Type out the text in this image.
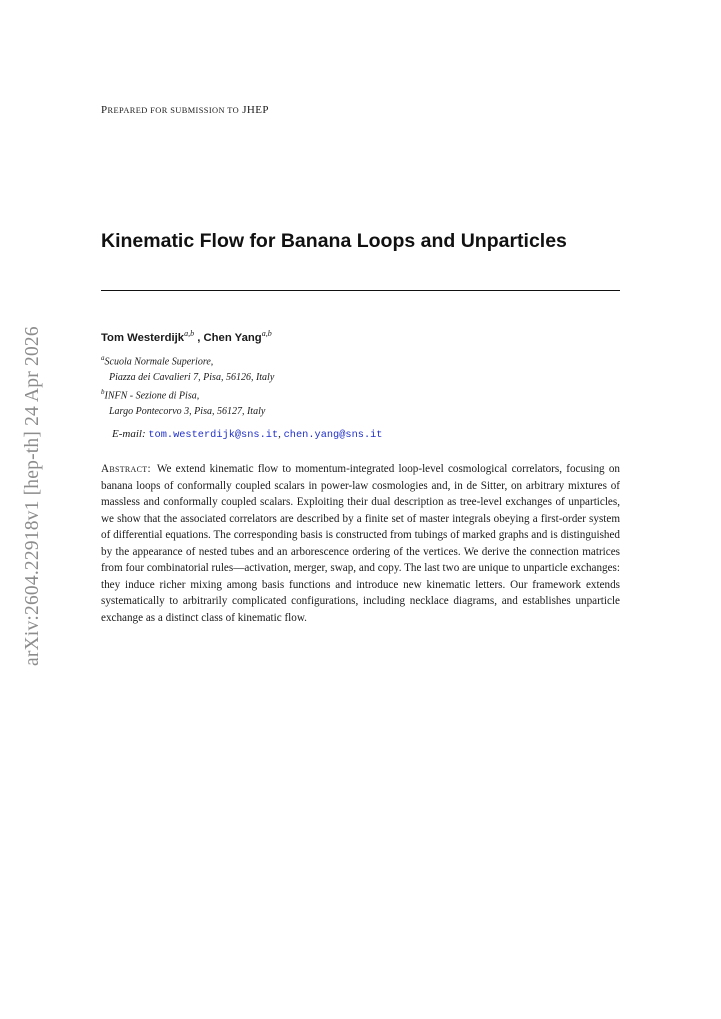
arXiv:2604.22918v1 [hep-th] 24 Apr 2026
PREPARED FOR SUBMISSION TO JHEP
Kinematic Flow for Banana Loops and Unparticles
Tom Westerdijk$^{a,b}$ , Chen Yang$^{a,b}$
$^a$Scuola Normale Superiore,
Piazza dei Cavalieri 7, Pisa, 56126, Italy
$^b$INFN - Sezione di Pisa,
Largo Pontecorvo 3, Pisa, 56127, Italy
E-mail: tom.westerdijk@sns.it, chen.yang@sns.it
Abstract: We extend kinematic flow to momentum-integrated loop-level cosmological correlators, focusing on banana loops of conformally coupled scalars in power-law cosmologies and, in de Sitter, on arbitrary mixtures of massless and conformally coupled scalars. Exploiting their dual description as tree-level exchanges of unparticles, we show that the associated correlators are described by a finite set of master integrals obeying a first-order system of differential equations. The corresponding basis is constructed from tubings of marked graphs and is distinguished by the appearance of nested tubes and an arborescence ordering of the vertices. We derive the connection matrices from four combinatorial rules—activation, merger, swap, and copy. The last two are unique to unparticle exchanges: they induce richer mixing among basis functions and introduce new kinematic letters. Our framework extends systematically to arbitrarily complicated configurations, including necklace diagrams, and establishes unparticle exchange as a distinct class of kinematic flow.
